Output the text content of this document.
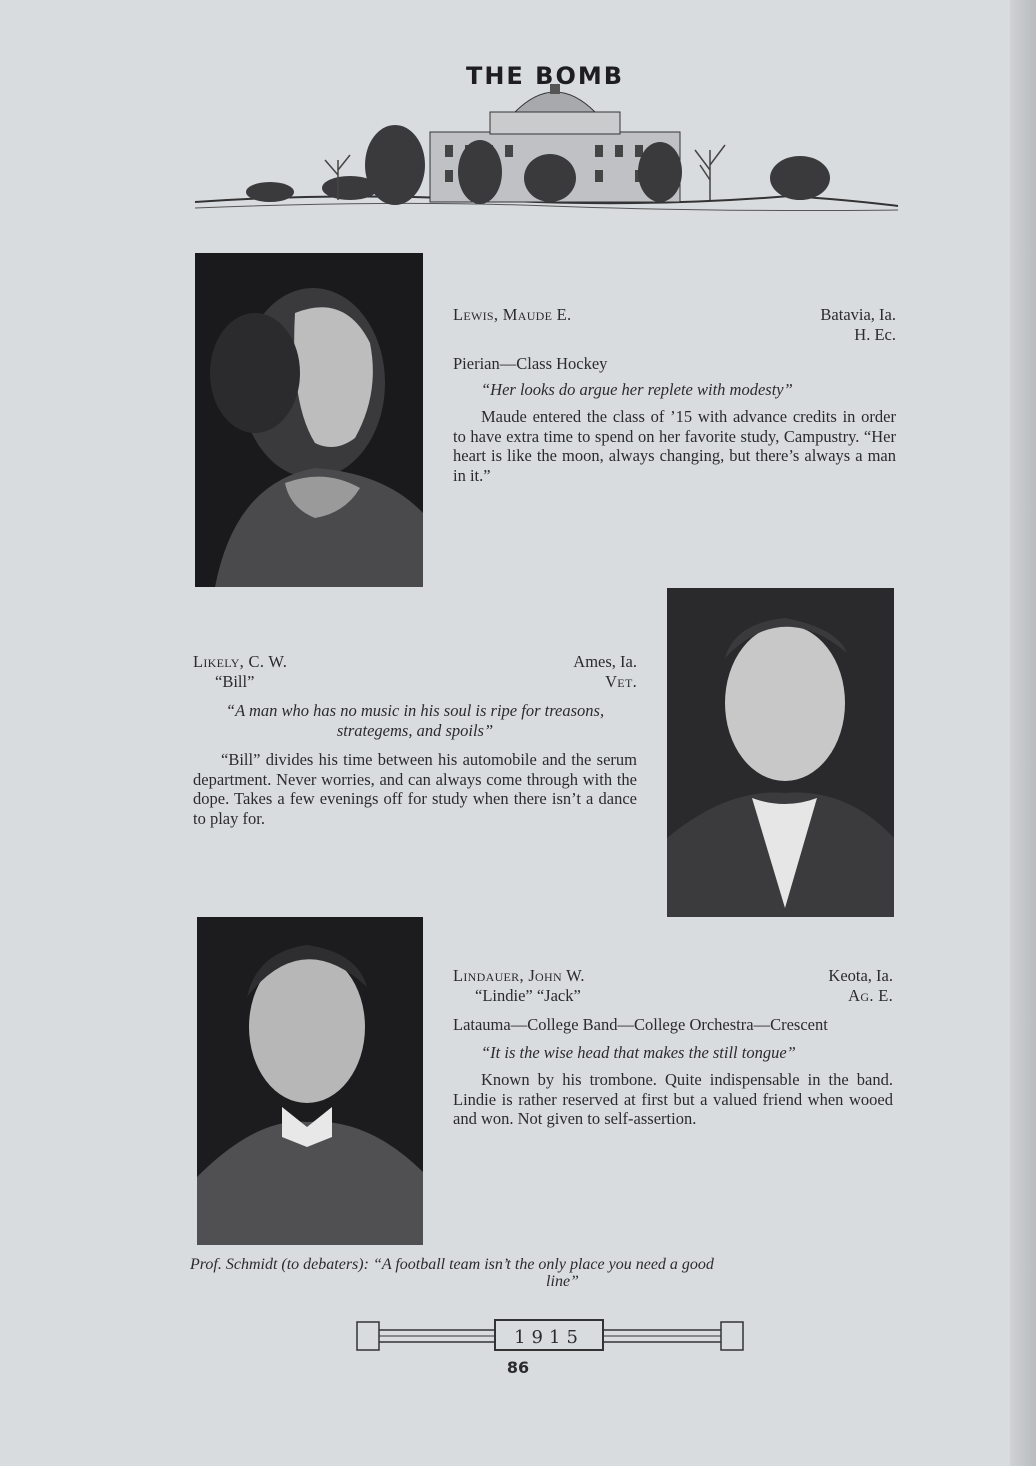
THE BOMB
Lewis, Maude E.	Batavia, Ia.
H. Ec.
Pierian—Class Hockey

“Her looks do argue her replete with modesty”

Maude entered the class of ’15 with advance credits in order to have extra time to spend on her favorite study, Campustry. “Her heart is like the moon, always changing, but there’s always a man in it.”

Likely, C. W.	Ames, Ia.
“Bill”	Vet.

“A man who has no music in his soul is ripe for treasons, strategems, and spoils”

“Bill” divides his time between his automobile and the serum department. Never worries, and can always come through with the dope. Takes a few evenings off for study when there isn’t a dance to play for.

Lindauer, John W.	Keota, Ia.
“Lindie” “Jack”	Ag. E.
Latauma—College Band—College Orchestra—Crescent

“It is the wise head that makes the still tongue”

Known by his trombone. Quite indispensable in the band. Lindie is rather reserved at first but a valued friend when wooed and won. Not given to self-assertion.

Prof. Schmidt (to debaters): “A football team isn’t the only place you need a good
line”
1915
86
